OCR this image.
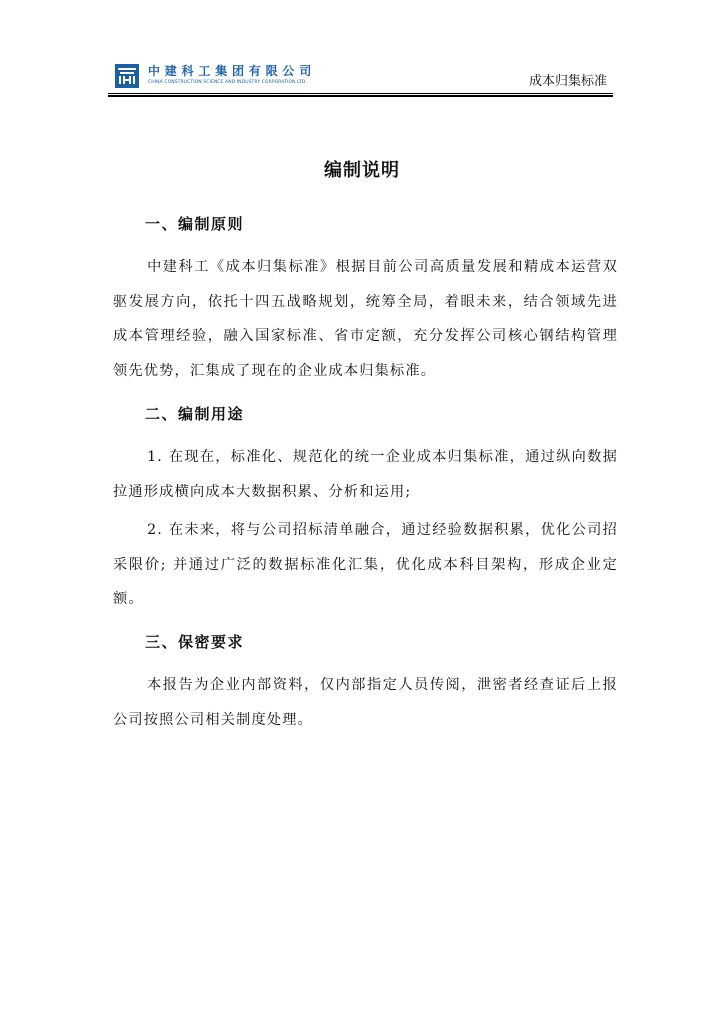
中建科工集团有限公司
CHINA CONSTRUCTION SCIENCE AND INDUSTRY CORPORATION LTD.	成本归集标准
编制说明
一、编制原则
中建科工《成本归集标准》根据目前公司高质量发展和精成本运营双驱发展方向，依托十四五战略规划，统筹全局，着眼未来，结合领域先进成本管理经验，融入国家标准、省市定额，充分发挥公司核心钢结构管理领先优势，汇集成了现在的企业成本归集标准。
二、编制用途
1. 在现在，标准化、规范化的统一企业成本归集标准，通过纵向数据拉通形成横向成本大数据积累、分析和运用;
2. 在未来，将与公司招标清单融合，通过经验数据积累，优化公司招采限价; 并通过广泛的数据标准化汇集，优化成本科目架构，形成企业定额。
三、保密要求
本报告为企业内部资料，仅内部指定人员传阅，泄密者经查证后上报公司按照公司相关制度处理。
